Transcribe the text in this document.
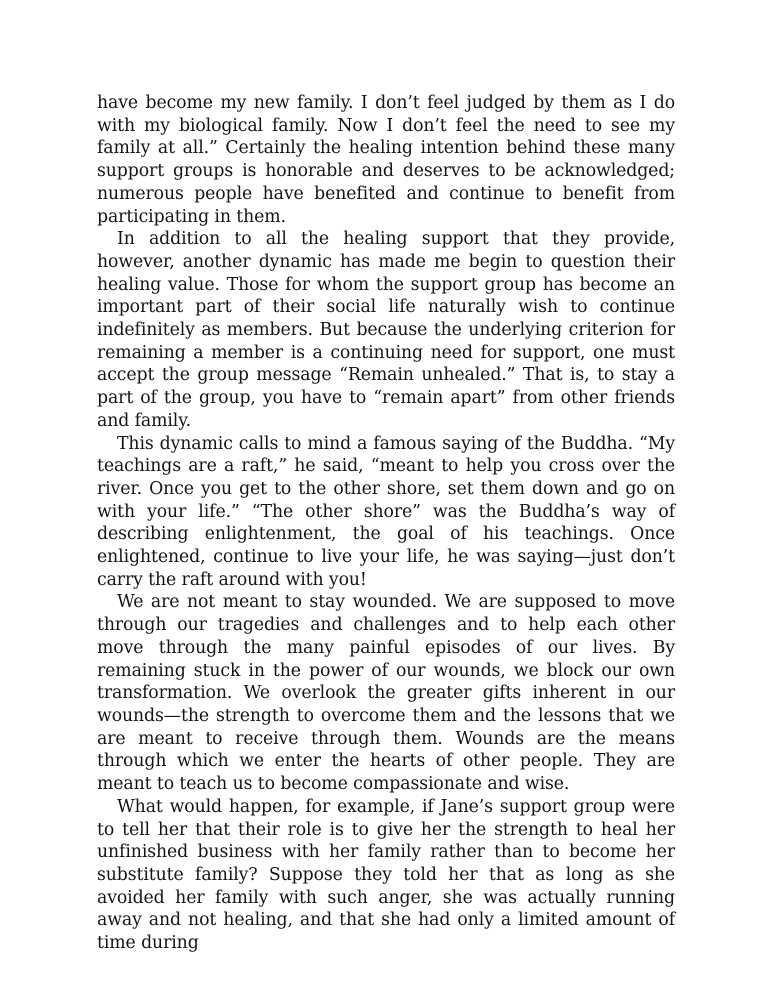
have become my new family. I don’t feel judged by them as I do with my biological family. Now I don’t feel the need to see my family at all.” Certainly the healing intention behind these many support groups is honorable and deserves to be acknowledged; numerous people have benefited and continue to benefit from participating in them.

In addition to all the healing support that they provide, however, another dynamic has made me begin to question their healing value. Those for whom the support group has become an important part of their social life naturally wish to continue indefinitely as members. But because the underlying criterion for remaining a member is a continuing need for support, one must accept the group message “Remain unhealed.” That is, to stay a part of the group, you have to “remain apart” from other friends and family.

This dynamic calls to mind a famous saying of the Buddha. “My teachings are a raft,” he said, “meant to help you cross over the river. Once you get to the other shore, set them down and go on with your life.” “The other shore” was the Buddha’s way of describing enlightenment, the goal of his teachings. Once enlightened, continue to live your life, he was saying—just don’t carry the raft around with you!

We are not meant to stay wounded. We are supposed to move through our tragedies and challenges and to help each other move through the many painful episodes of our lives. By remaining stuck in the power of our wounds, we block our own transformation. We overlook the greater gifts inherent in our wounds—the strength to overcome them and the lessons that we are meant to receive through them. Wounds are the means through which we enter the hearts of other people. They are meant to teach us to become compassionate and wise.

What would happen, for example, if Jane’s support group were to tell her that their role is to give her the strength to heal her unfinished business with her family rather than to become her substitute family? Suppose they told her that as long as she avoided her family with such anger, she was actually running away and not healing, and that she had only a limited amount of time during
